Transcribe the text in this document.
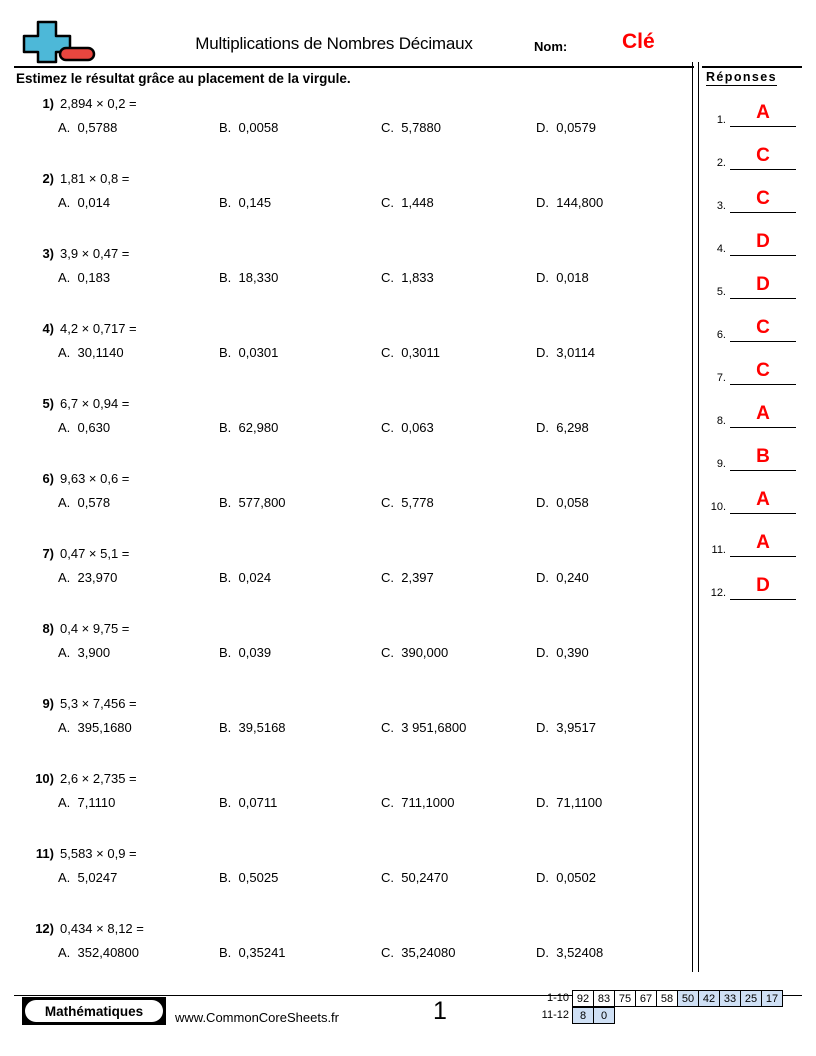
Multiplications de Nombres Décimaux	Nom:	Clé
Estimez le résultat grâce au placement de la virgule.
1) 2,894 × 0,2 =
A. 0,5788	B. 0,0058	C. 5,7880	D. 0,0579
2) 1,81 × 0,8 =
A. 0,014	B. 0,145	C. 1,448	D. 144,800
3) 3,9 × 0,47 =
A. 0,183	B. 18,330	C. 1,833	D. 0,018
4) 4,2 × 0,717 =
A. 30,1140	B. 0,0301	C. 0,3011	D. 3,0114
5) 6,7 × 0,94 =
A. 0,630	B. 62,980	C. 0,063	D. 6,298
6) 9,63 × 0,6 =
A. 0,578	B. 577,800	C. 5,778	D. 0,058
7) 0,47 × 5,1 =
A. 23,970	B. 0,024	C. 2,397	D. 0,240
8) 0,4 × 9,75 =
A. 3,900	B. 0,039	C. 390,000	D. 0,390
9) 5,3 × 7,456 =
A. 395,1680	B. 39,5168	C. 3 951,6800	D. 3,9517
10) 2,6 × 2,735 =
A. 7,1110	B. 0,0711	C. 711,1000	D. 71,1100
11) 5,583 × 0,9 =
A. 5,0247	B. 0,5025	C. 50,2470	D. 0,0502
12) 0,434 × 8,12 =
A. 352,40800	B. 0,35241	C. 35,24080	D. 3,52408
Réponses
1.	A
2.	C
3.	C
4.	D
5.	D
6.	C
7.	C
8.	A
9.	B
10.	A
11.	A
12.	D
Mathématiques	www.CommonCoreSheets.fr	1	1-10 92 83 75 67 58 50 42 33 25 17
11-12 8	0
